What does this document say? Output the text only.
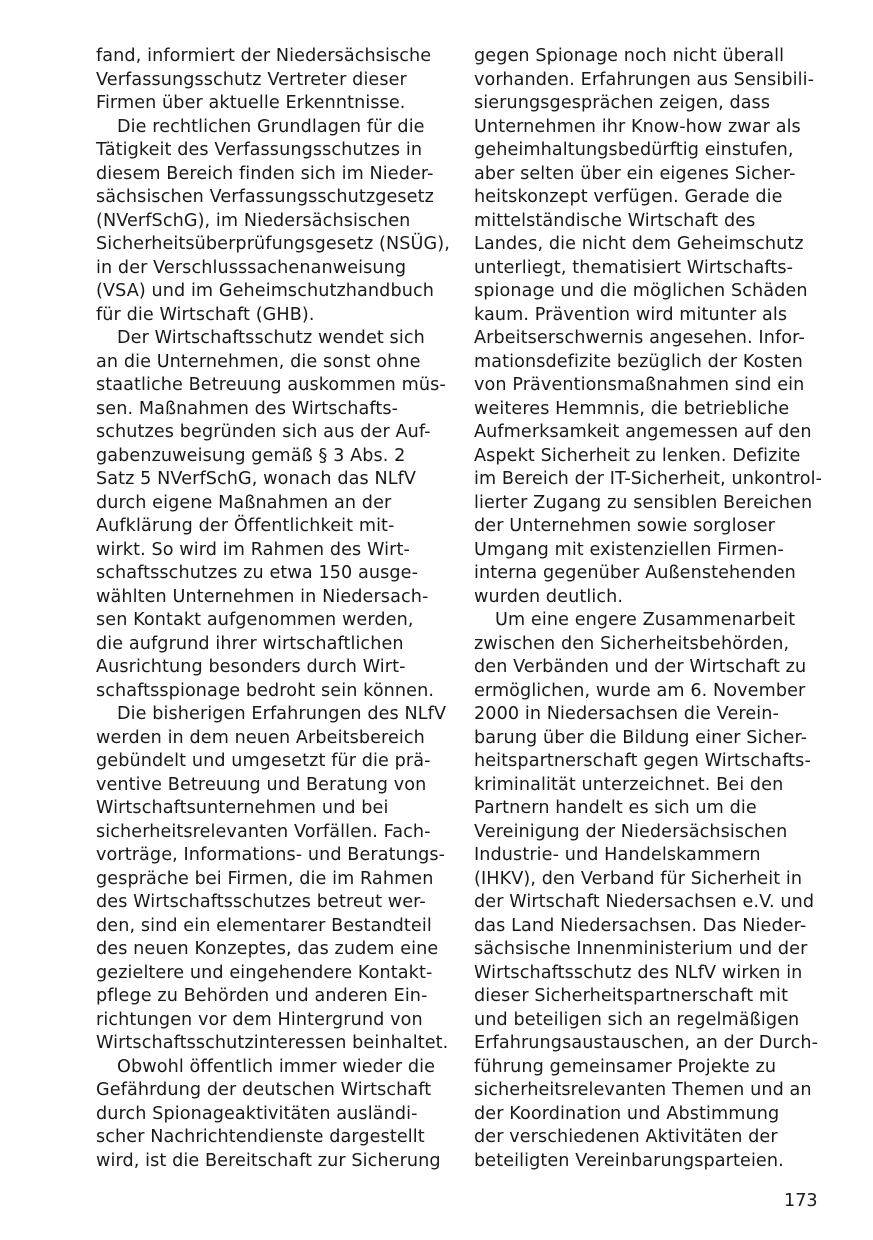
fand, informiert der Niedersächsische
Verfassungsschutz Vertreter dieser
Firmen über aktuelle Erkenntnisse.
Die rechtlichen Grundlagen für die
Tätigkeit des Verfassungsschutzes in
diesem Bereich finden sich im Nieder-
sächsischen Verfassungsschutzgesetz
(NVerfSchG), im Niedersächsischen
Sicherheitsüberprüfungsgesetz (NSÜG),
in der Verschlusssachenanweisung
(VSA) und im Geheimschutzhandbuch
für die Wirtschaft (GHB).
Der Wirtschaftsschutz wendet sich
an die Unternehmen, die sonst ohne
staatliche Betreuung auskommen müs-
sen. Maßnahmen des Wirtschafts-
schutzes begründen sich aus der Auf-
gabenzuweisung gemäß § 3 Abs. 2
Satz 5 NVerfSchG, wonach das NLfV
durch eigene Maßnahmen an der
Aufklärung der Öffentlichkeit mit-
wirkt. So wird im Rahmen des Wirt-
schaftsschutzes zu etwa 150 ausge-
wählten Unternehmen in Niedersach-
sen Kontakt aufgenommen werden,
die aufgrund ihrer wirtschaftlichen
Ausrichtung besonders durch Wirt-
schaftsspionage bedroht sein können.
Die bisherigen Erfahrungen des NLfV
werden in dem neuen Arbeitsbereich
gebündelt und umgesetzt für die prä-
ventive Betreuung und Beratung von
Wirtschaftsunternehmen und bei
sicherheitsrelevanten Vorfällen. Fach-
vorträge, Informations- und Beratungs-
gespräche bei Firmen, die im Rahmen
des Wirtschaftsschutzes betreut wer-
den, sind ein elementarer Bestandteil
des neuen Konzeptes, das zudem eine
gezieltere und eingehendere Kontakt-
pflege zu Behörden und anderen Ein-
richtungen vor dem Hintergrund von
Wirtschaftsschutzinteressen beinhaltet.
Obwohl öffentlich immer wieder die
Gefährdung der deutschen Wirtschaft
durch Spionageaktivitäten ausländi-
scher Nachrichtendienste dargestellt
wird, ist die Bereitschaft zur Sicherung
gegen Spionage noch nicht überall
vorhanden. Erfahrungen aus Sensibili-
sierungsgesprächen zeigen, dass
Unternehmen ihr Know-how zwar als
geheimhaltungsbedürftig einstufen,
aber selten über ein eigenes Sicher-
heitskonzept verfügen. Gerade die
mittelständische Wirtschaft des
Landes, die nicht dem Geheimschutz
unterliegt, thematisiert Wirtschafts-
spionage und die möglichen Schäden
kaum. Prävention wird mitunter als
Arbeitserschwernis angesehen. Infor-
mationsdefizite bezüglich der Kosten
von Präventionsmaßnahmen sind ein
weiteres Hemmnis, die betriebliche
Aufmerksamkeit angemessen auf den
Aspekt Sicherheit zu lenken. Defizite
im Bereich der IT-Sicherheit, unkontrol-
lierter Zugang zu sensiblen Bereichen
der Unternehmen sowie sorgloser
Umgang mit existenziellen Firmen-
interna gegenüber Außenstehenden
wurden deutlich.
Um eine engere Zusammenarbeit
zwischen den Sicherheitsbehörden,
den Verbänden und der Wirtschaft zu
ermöglichen, wurde am 6. November
2000 in Niedersachsen die Verein-
barung über die Bildung einer Sicher-
heitspartnerschaft gegen Wirtschafts-
kriminalität unterzeichnet. Bei den
Partnern handelt es sich um die
Vereinigung der Niedersächsischen
Industrie- und Handelskammern
(IHKV), den Verband für Sicherheit in
der Wirtschaft Niedersachsen e.V. und
das Land Niedersachsen. Das Nieder-
sächsische Innenministerium und der
Wirtschaftsschutz des NLfV wirken in
dieser Sicherheitspartnerschaft mit
und beteiligen sich an regelmäßigen
Erfahrungsaustauschen, an der Durch-
führung gemeinsamer Projekte zu
sicherheitsrelevanten Themen und an
der Koordination und Abstimmung
der verschiedenen Aktivitäten der
beteiligten Vereinbarungsparteien.
173
